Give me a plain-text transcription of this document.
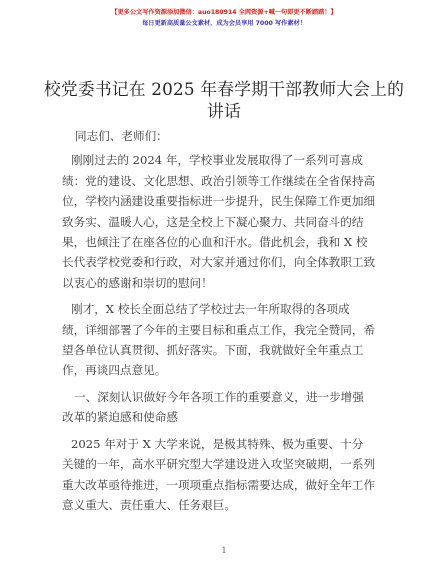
【更多公文写作资源添加微信：auo180914 全网资源+喊一句即更不断踏踏！】
每日更新高质量公文素材，成为会员享用 7000 写作素材！
校党委书记在 2025 年春学期干部教师大会上的
讲话
同志们、老师们：
刚刚过去的 2024 年，学校事业发展取得了一系列可喜成
绩：党的建设、文化思想、政治引领等工作继续在全省保持高
位，学校内涵建设重要指标进一步提升，民生保障工作更加细
致务实、温暖人心，这是全校上下凝心聚力、共同奋斗的结
果，也倾注了在座各位的心血和汗水。借此机会，我和 X 校
长代表学校党委和行政，对大家并通过你们，向全体教职工致
以衷心的感谢和崇切的慰问！
刚才，X 校长全面总结了学校过去一年所取得的各项成
绩，详细部署了今年的主要目标和重点工作，我完全赞同，希
望各单位认真贯彻、抓好落实。下面，我就做好全年重点工
作，再谈四点意见。
一、深刻认识做好今年各项工作的重要意义，进一步增强
改革的紧迫感和使命感
2025 年对于 X 大学来说，是极其特殊、极为重要、十分
关键的一年，高水平研究型大学建设进入攻坚突破期，一系列
重大改革亟待推进，一项项重点指标需要达成，做好全年工作
意义重大、责任重大、任务艰巨。
1
